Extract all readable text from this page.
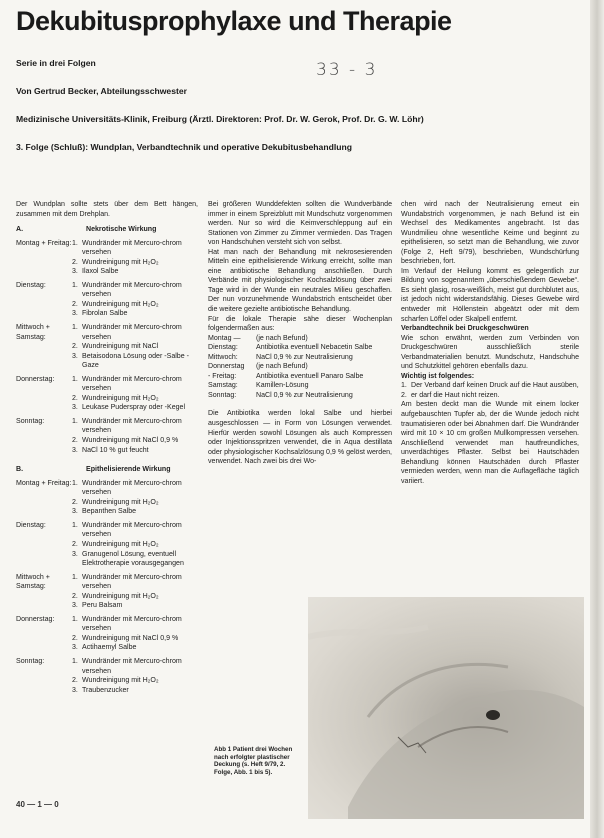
Dekubitusprophylaxe und Therapie
33 - 3
Serie in drei Folgen
Von Gertrud Becker, Abteilungsschwester
Medizinische Universitäts-Klinik, Freiburg (Ärztl. Direktoren: Prof. Dr. W. Gerok, Prof. Dr. G. W. Löhr)
3. Folge (Schluß): Wundplan, Verbandtechnik und operative Dekubitusbehandlung

Der Wundplan sollte stets über dem Bett hängen, zusammen mit dem Drehplan.

A.	Nekrotische Wirkung
Montag + Freitag: 1. Wundränder mit Mercuro-chrom versehen
2. Wundreinigung mit H₂O₂
3. Ilaxol Salbe
Dienstag:	1. Wundränder mit Mercuro-chrom versehen
2. Wundreinigung mit H₂O₂
3. Fibrolan Salbe
Mittwoch + Samstag:
1. Wundränder mit Mercuro-chrom versehen
2. Wundreinigung mit NaCl
3. Betaisodona Lösung oder -Salbe -Gaze
Donnerstag:	1. Wundränder mit Mercuro-chrom versehen
2. Wundreinigung mit H₂O₂
3. Leukase Puderspray oder -Kegel
Sonntag:	1. Wundränder mit Mercuro-chrom versehen
2. Wundreinigung mit NaCl 0,9 %
3. NaCl 10 % gut feucht
B.	Epithelisierende Wirkung
Montag + Freitag: 1. Wundränder mit Mercuro-chrom versehen
2. Wundreinigung mit H₂O₂
3. Bepanthen Salbe
Dienstag:	1. Wundränder mit Mercuro-chrom versehen
2. Wundreinigung mit H₂O₂
3. Granugenol Lösung, eventuell Elektrotherapie vorausgegangen
Mittwoch + Samstag:
1. Wundränder mit Mercuro-chrom versehen
2. Wundreinigung mit H₂O₂
3. Peru Balsam
Donnerstag:	1. Wundränder mit Mercuro-chrom versehen
2. Wundreinigung mit NaCl 0,9 %
3. Actihaemyl Salbe
Sonntag:	1. Wundränder mit Mercuro-chrom versehen
2. Wundreinigung mit H₂O₂
3. Traubenzucker

Bei größeren Wunddefekten sollten die Wundverbände immer in einem Spreizblutt mit Mundschutz vorgenommen werden. Nur so wird die Keimverschleppung auf ein Stationen von Zimmer zu Zimmer vermieden. Das Tragen von Handschuhen versteht sich von selbst.

Hat man nach der Behandlung mit nekrosesierenden Mitteln eine epithelisierende Wirkung erreicht, sollte man eine antibiotische Behandlung anschließen. Durch Verbände mit physiologischer Kochsalzlösung über zwei Tage wird in der Wunde ein neutrales Milieu geschaffen. Der nun vorzunehmende Wundabstrich entscheidet über die weitere gezielte antibiotische Behandlung.

Für die lokale Therapie sähe dieser Wochenplan folgendermaßen aus:

Montag —	(je nach Befund)
Dienstag:	Antibiotika eventuell Nebacetin Salbe
Mittwoch:	NaCl 0,9 % zur Neutralisierung
Donnerstag	(je nach Befund)
- Freitag:	Antibiotika eventuell Panaro Salbe
Samstag:	Kamillen-Lösung
Sonntag:	NaCl 0,9 % zur Neutralisierung

Die Antibiotika werden lokal Salbe und hierbei ausgeschlossen — in Form von Lösungen verwendet. Hierfür werden sowohl Lösungen als auch Kompressen oder Injektionsspritzen verwendet, die in Aqua destillata oder physiologischer Kochsalzlösung 0,9 % gelöst werden, verwendet. Nach zwei bis drei Wo-

chen wird nach der Neutralisierung erneut ein Wundabstrich vorgenommen, je nach Befund ist ein Wechsel des Medikamentes angebracht. Ist das Wundmilieu ohne wesentliche Keime und beginnt zu epithelisieren, so setzt man die Behandlung, wie zuvor (Folge 2, Heft 9/79), beschrieben, Wundschürfung beschrieben, fort.

Im Verlauf der Heilung kommt es gelegentlich zur Bildung von sogenanntem „überschießendem Gewebe“. Es sieht glasig, rosa-weißlich, meist gut durchblutet aus, ist jedoch nicht widerstandsfähig. Dieses Gewebe wird entweder mit Höllenstein abgeätzt oder mit dem scharfen Löffel oder Skalpell entfernt.

Verbandtechnik bei Druckgeschwüren

Wie schon erwähnt, werden zum Verbinden von Druckgeschwüren ausschließlich sterile Verbandmaterialien benutzt. Mundschutz, Handschuhe und Schutzkittel gehören ebenfalls dazu.

Wichtig ist folgendes:

1. Der Verband darf keinen Druck auf die Haut ausüben,
2. er darf die Haut nicht reizen.

Am besten deckt man die Wunde mit einem locker aufgebauschten Tupfer ab, der die Wunde jedoch nicht traumatisieren oder bei Abnahmen darf. Die Wundränder wird mit 10 × 10 cm großen Mullkompressen versehen. Anschließend verwendet man hautfreundliches, unverdächtiges Pflaster. Selbst bei Hautschäden Behandlung können Hautschäden durch Pflaster vermieden werden, wenn man die Auflagefläche täglich variiert.

Abb 1 Patient drei Wochen nach erfolgter plastischer Deckung (s. Heft 9/79, 2. Folge, Abb. 1 bis 5).
40 — 1 — 0
